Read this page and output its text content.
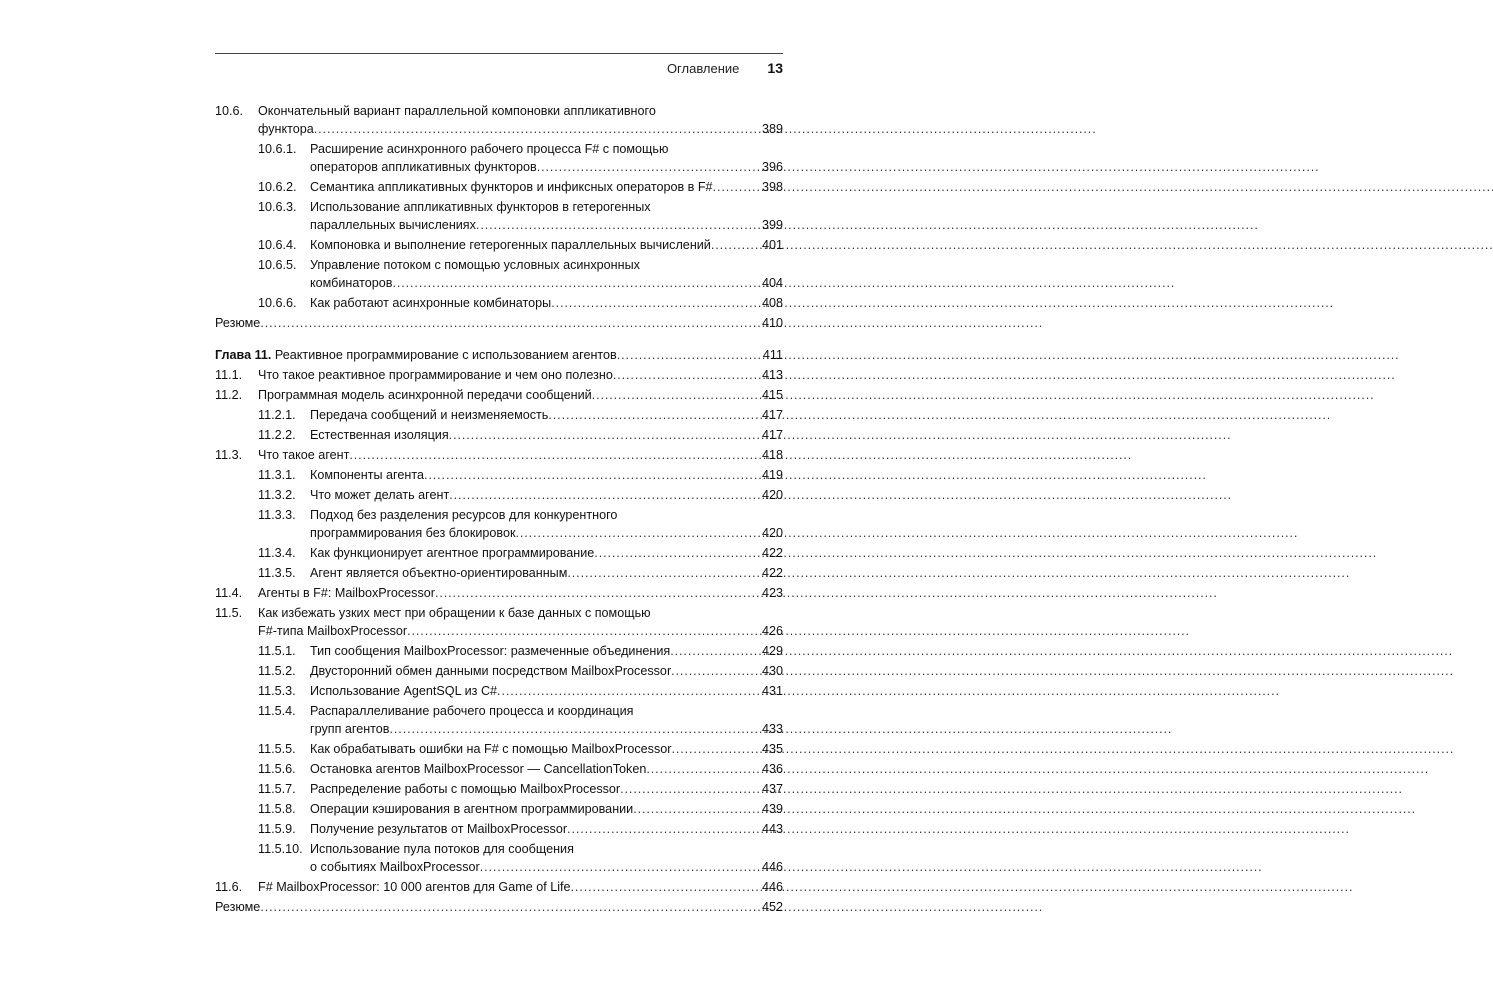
Оглавление 13
10.6.	Окончательный вариант параллельной компоновки аппликативного
функтора . . .	389
10.6.1.	Расширение асинхронного рабочего процесса F# с помощью
операторов аппликативных функторов . . .	396
10.6.2. Семантика аппликативных функторов и инфиксных операторов в F# . . .	398
10.6.3.	Использование аппликативных функторов в гетерогенных
параллельных вычислениях . . .	399
10.6.4. Компоновка и выполнение гетерогенных параллельных вычислений . . .	401
10.6.5.	Управление потоком с помощью условных асинхронных
комбинаторов . . .	404
10.6.6. Как работают асинхронные комбинаторы . . .	408
Резюме . . .	410
Глава 11.
Реактивное программирование с использованием агентов . . .	411
11.1. Что такое реактивное программирование и чем оно полезно . . .	413
11.2. Программная модель асинхронной передачи сообщений . . .	415
11.2.1. Передача сообщений и неизменяемость . . .	417
11.2.2. Естественная изоляция . . .	417
11.3. Что такое агент . . .	418
11.3.1. Компоненты агента . . .	419
11.3.2. Что может делать агент . . .	420
11.3.3.	Подход без разделения ресурсов для конкурентного
программирования без блокировок . . .	420
11.3.4. Как функционирует агентное программирование . . .	422
11.3.5. Агент является объектно-ориентированным . . .	422
11.4. Агенты в F#: MailboxProcessor . . .	423
11.5.	Как избежать узких мест при обращении к базе данных с помощью
F#-типа MailboxProcessor . . .	426
11.5.1. Тип сообщения MailboxProcessor: размеченные объединения . . .	429
11.5.2. Двусторонний обмен данными посредством MailboxProcessor . . .	430
11.5.3. Использование AgentSQL из C# . . .	431
11.5.4.	Распараллеливание рабочего процесса и координация
групп агентов . . .	433
11.5.5. Как обрабатывать ошибки на F# с помощью MailboxProcessor . . .	435
11.5.6. Остановка агентов MailboxProcessor — CancellationToken . . .	436
11.5.7. Распределение работы с помощью MailboxProcessor . . .	437
11.5.8. Операции кэширования в агентном программировании . . .	439
11.5.9. Получение результатов от MailboxProcessor . . .	443
11.5.10. Использование пула потоков для сообщения
о событиях MailboxProcessor . . .	446
11.6. F# MailboxProcessor: 10 000 агентов для Game of Life . . .	446
Резюме . . .	452
